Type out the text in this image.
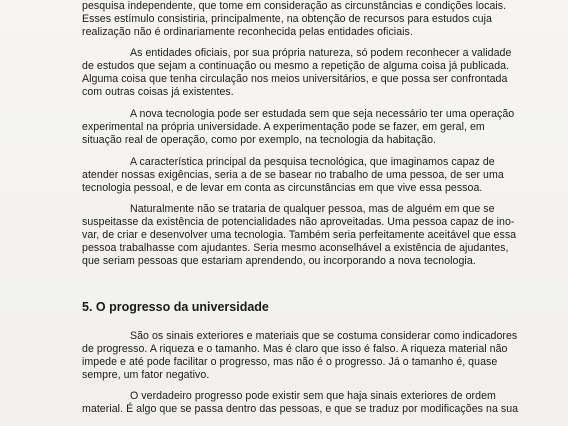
pesquisa independente, que tome em consideração as circunstâncias e condições locais.
Esses estímulo consistiria, principalmente, na obtenção de recursos para estudos cuja
realização não é ordinariamente reconhecida pelas entidades oficiais.
As entidades oficiais, por sua própria natureza, só podem reconhecer a validade
de estudos que sejam a continuação ou mesmo a repetição de alguma coisa já publicada.
Alguma coisa que tenha circulação nos meios universitários, e que possa ser confrontada
com outras coisas já existentes.
A nova tecnologia pode ser estudada sem que seja necessário ter uma operação
experimental na própria universidade. A experimentação pode se fazer, em geral, em
situação real de operação, como por exemplo, na tecnologia da habitação.
A característica principal da pesquisa tecnológica, que imaginamos capaz de
atender nossas exigências, seria a de se basear no trabalho de uma pessoa, de ser uma
tecnologia pessoal, e de levar em conta as circunstâncias em que vive essa pessoa.
Naturalmente não se trataria de qualquer pessoa, mas de alguém em que se
suspeitasse da existência de potencialidades não aproveitadas. Uma pessoa capaz de ino-
var, de criar e desenvolver uma tecnologia. Também seria perfeitamente aceitável que essa
pessoa trabalhasse com ajudantes. Seria mesmo aconselhável a existência de ajudantes,
que seriam pessoas que estariam aprendendo, ou incorporando a nova tecnologia.
5. O progresso da universidade
São os sinais exteriores e materiais que se costuma considerar como indicadores
de progresso. A riqueza e o tamanho. Mas é claro que isso é falso. A riqueza material não
impede e até pode facilitar o progresso, mas não é o progresso. Já o tamanho é, quase
sempre, um fator negativo.
O verdadeiro progresso pode existir sem que haja sinais exteriores de ordem
material. É algo que se passa dentro das pessoas, e que se traduz por modificações na sua
